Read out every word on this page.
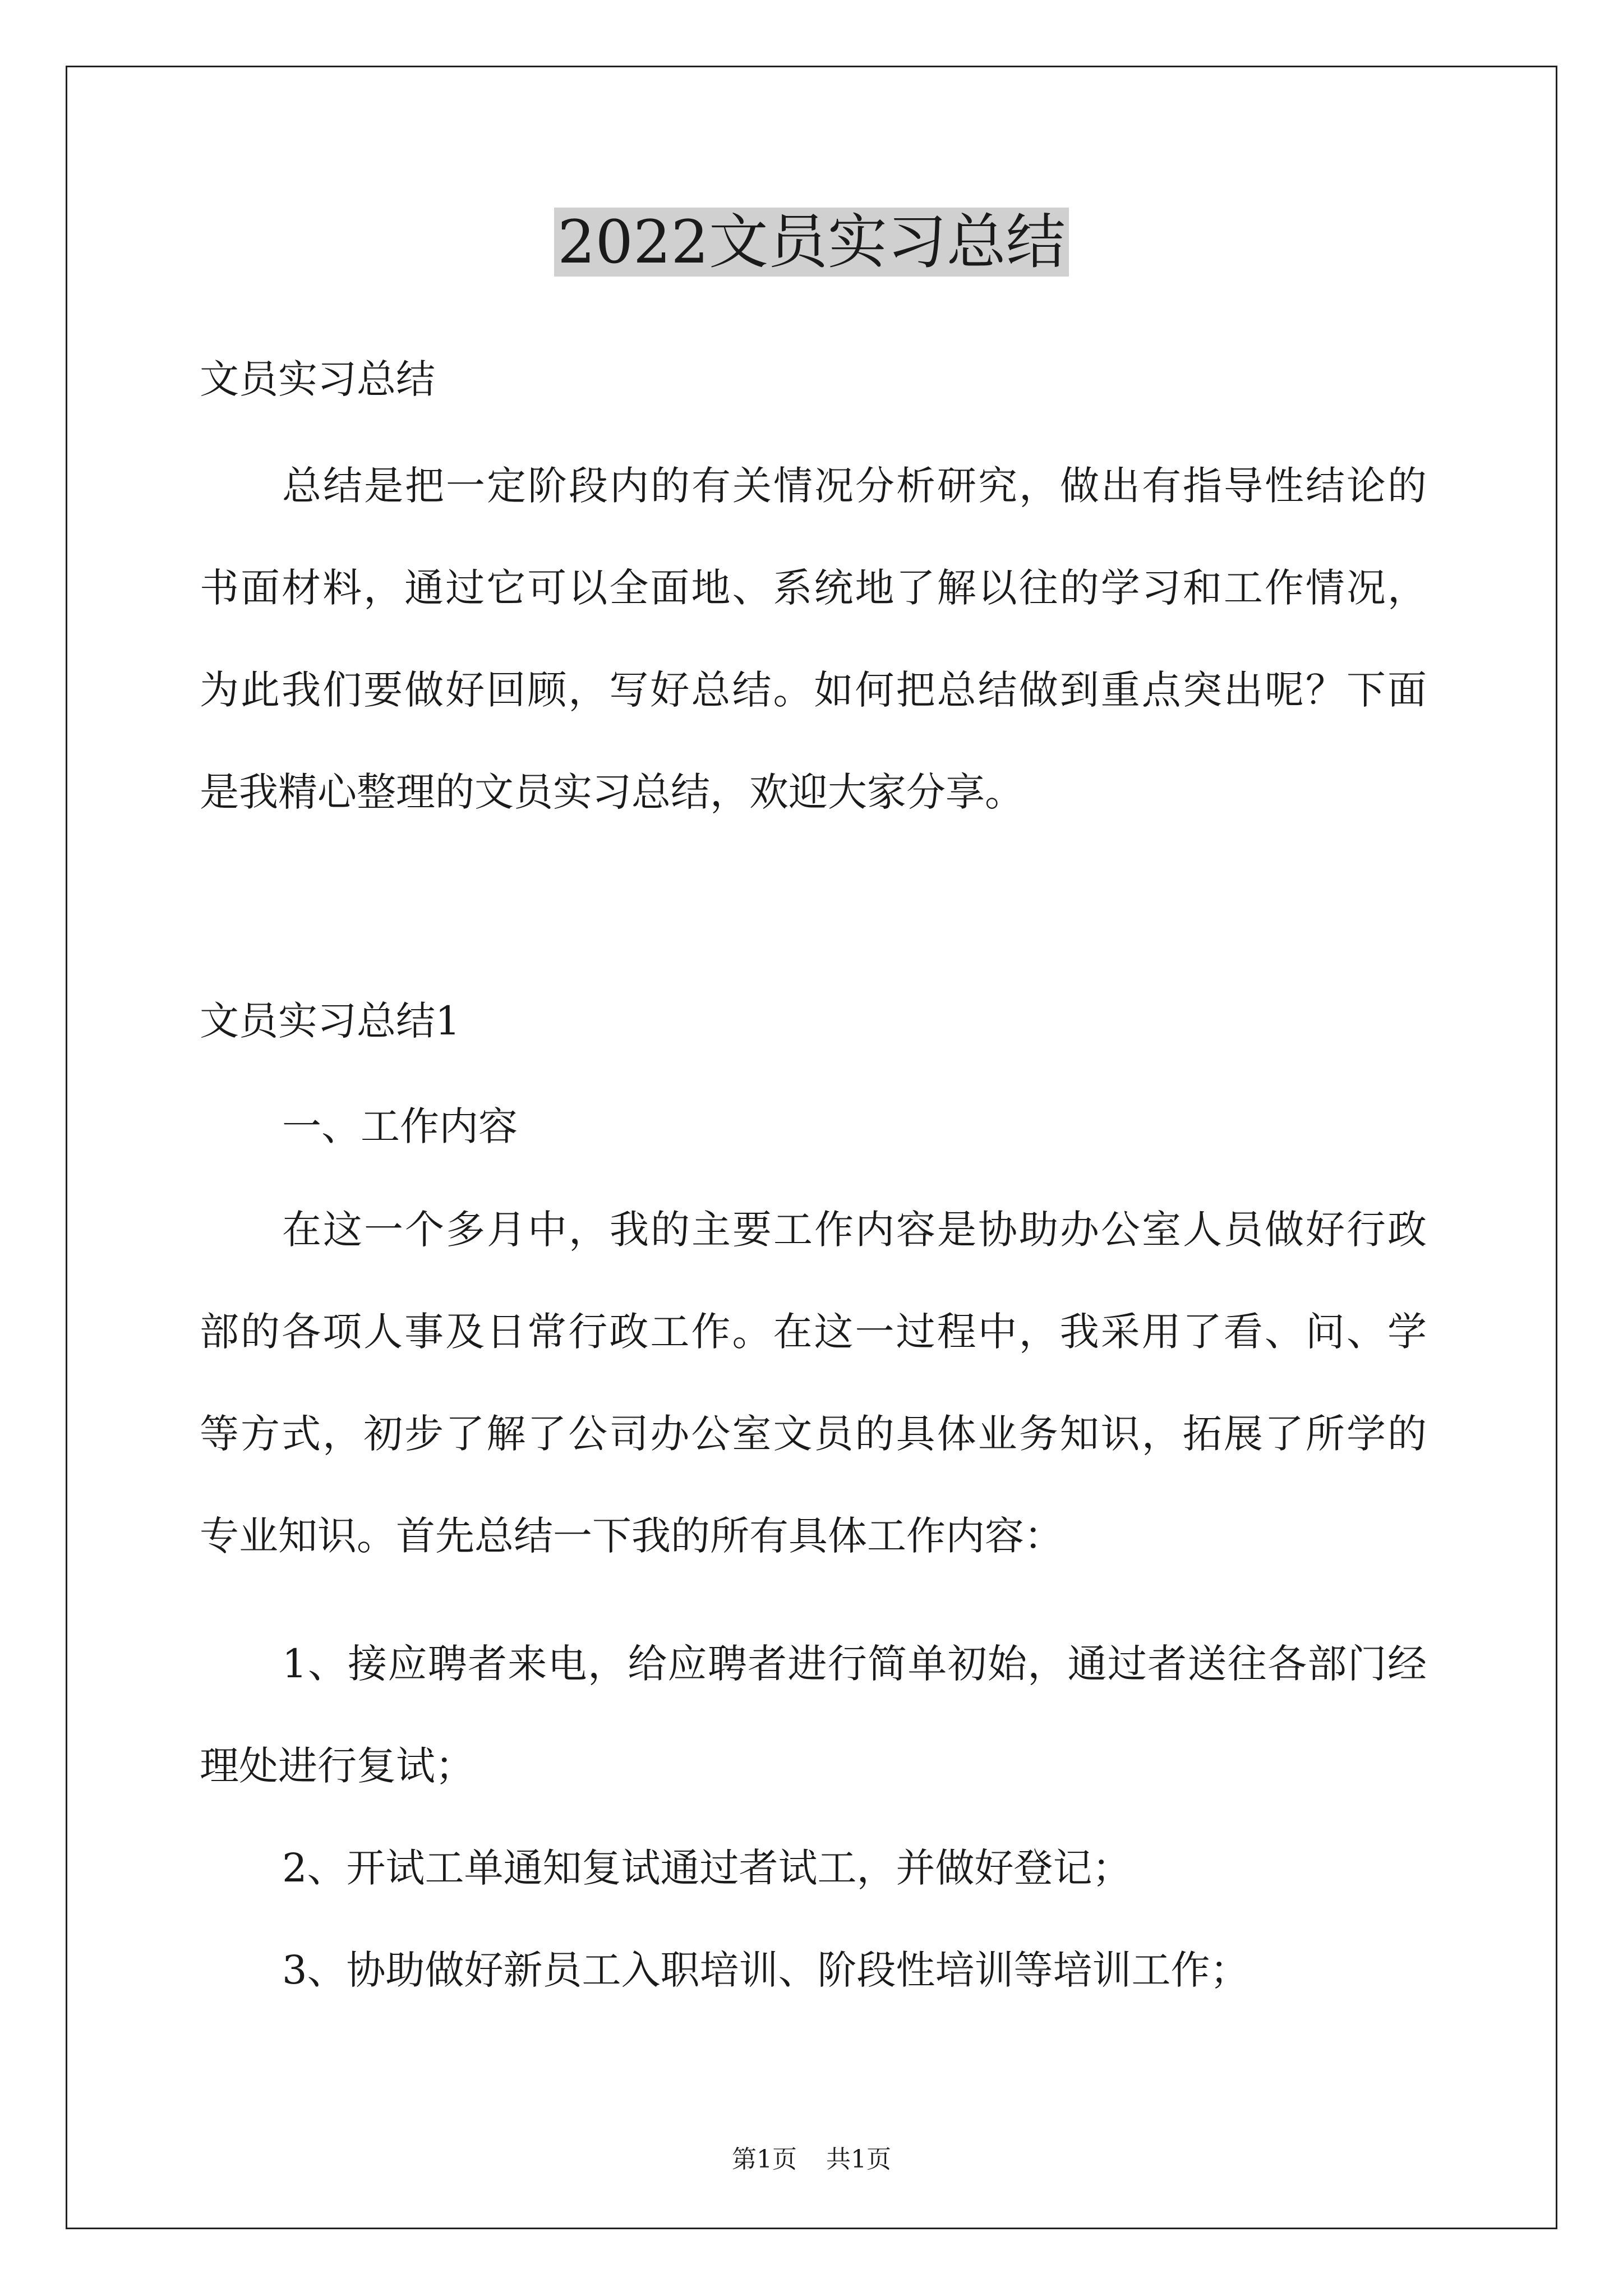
2022文员实习总结
文员实习总结
总结是把一定阶段内的有关情况分析研究，做出有指导性结论的
书面材料，通过它可以全面地、系统地了解以往的学习和工作情况，
为此我们要做好回顾，写好总结。如何把总结做到重点突出呢？下面
是我精心整理的文员实习总结，欢迎大家分享。
文员实习总结1
一、工作内容
在这一个多月中，我的主要工作内容是协助办公室人员做好行政
部的各项人事及日常行政工作。在这一过程中，我采用了看、问、学
等方式，初步了解了公司办公室文员的具体业务知识，拓展了所学的
专业知识。首先总结一下我的所有具体工作内容：
1、接应聘者来电，给应聘者进行简单初始，通过者送往各部门经
理处进行复试；
2、开试工单通知复试通过者试工，并做好登记；
3、协助做好新员工入职培训、阶段性培训等培训工作；
第1页 共1页
